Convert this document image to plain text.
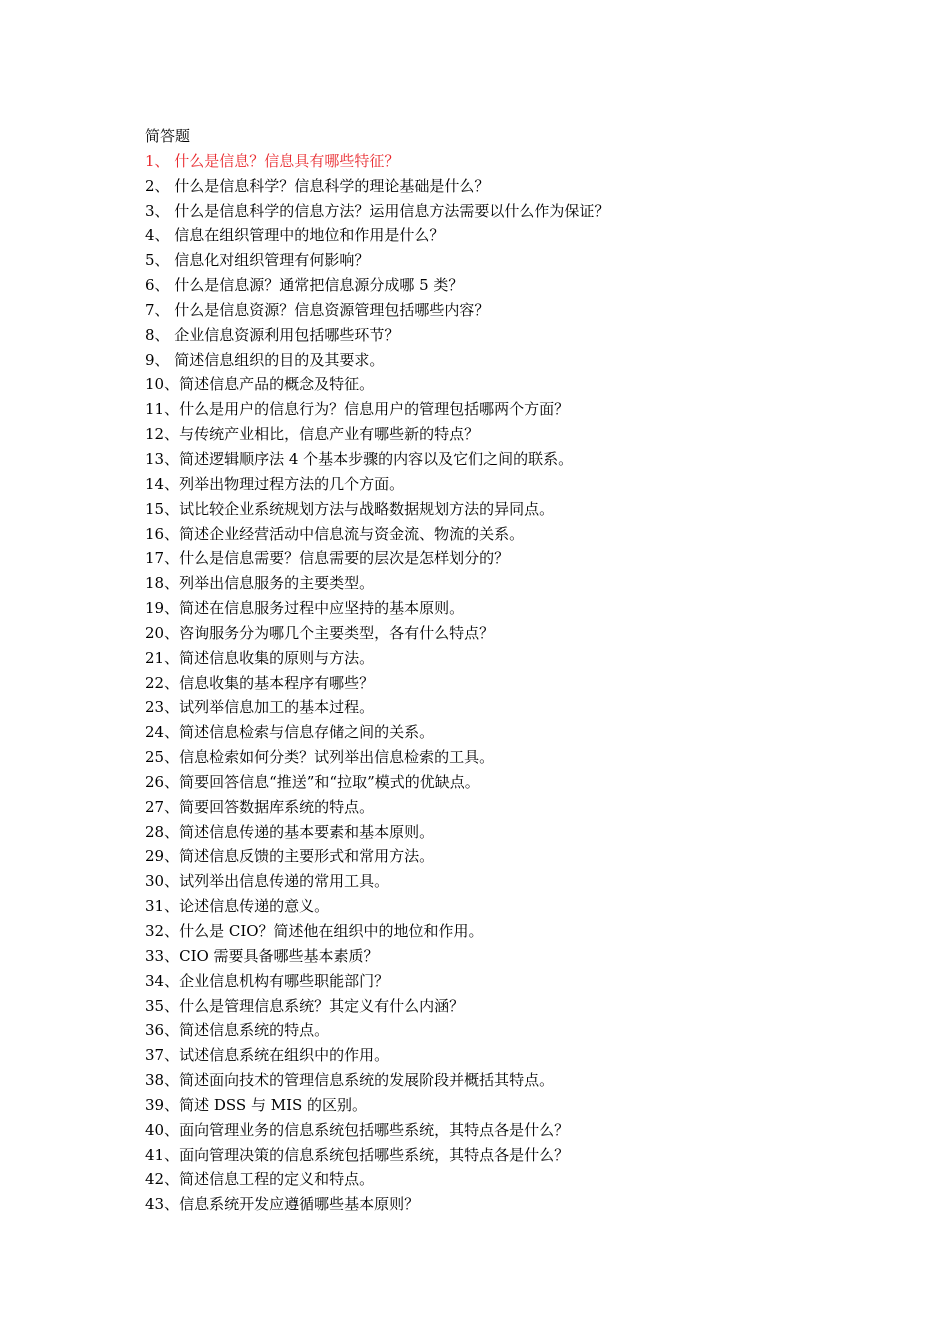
简答题
1、 什么是信息？信息具有哪些特征？
2、 什么是信息科学？信息科学的理论基础是什么？
3、 什么是信息科学的信息方法？运用信息方法需要以什么作为保证？
4、 信息在组织管理中的地位和作用是什么？
5、 信息化对组织管理有何影响？
6、 什么是信息源？通常把信息源分成哪 5 类？
7、 什么是信息资源？信息资源管理包括哪些内容？
8、 企业信息资源利用包括哪些环节？
9、 简述信息组织的目的及其要求。
10、简述信息产品的概念及特征。
11、什么是用户的信息行为？信息用户的管理包括哪两个方面？
12、与传统产业相比，信息产业有哪些新的特点？
13、简述逻辑顺序法 4 个基本步骤的内容以及它们之间的联系。
14、列举出物理过程方法的几个方面。
15、试比较企业系统规划方法与战略数据规划方法的异同点。
16、简述企业经营活动中信息流与资金流、物流的关系。
17、什么是信息需要？信息需要的层次是怎样划分的？
18、列举出信息服务的主要类型。
19、简述在信息服务过程中应坚持的基本原则。
20、咨询服务分为哪几个主要类型，各有什么特点？
21、简述信息收集的原则与方法。
22、信息收集的基本程序有哪些？
23、试列举信息加工的基本过程。
24、简述信息检索与信息存储之间的关系。
25、信息检索如何分类？试列举出信息检索的工具。
26、简要回答信息“推送”和“拉取”模式的优缺点。
27、简要回答数据库系统的特点。
28、简述信息传递的基本要素和基本原则。
29、简述信息反馈的主要形式和常用方法。
30、试列举出信息传递的常用工具。
31、论述信息传递的意义。
32、什么是 CIO？简述他在组织中的地位和作用。
33、CIO 需要具备哪些基本素质？
34、企业信息机构有哪些职能部门？
35、什么是管理信息系统？其定义有什么内涵？
36、简述信息系统的特点。
37、试述信息系统在组织中的作用。
38、简述面向技术的管理信息系统的发展阶段并概括其特点。
39、简述 DSS 与 MIS 的区别。
40、面向管理业务的信息系统包括哪些系统，其特点各是什么？
41、面向管理决策的信息系统包括哪些系统，其特点各是什么？
42、简述信息工程的定义和特点。
43、信息系统开发应遵循哪些基本原则？
